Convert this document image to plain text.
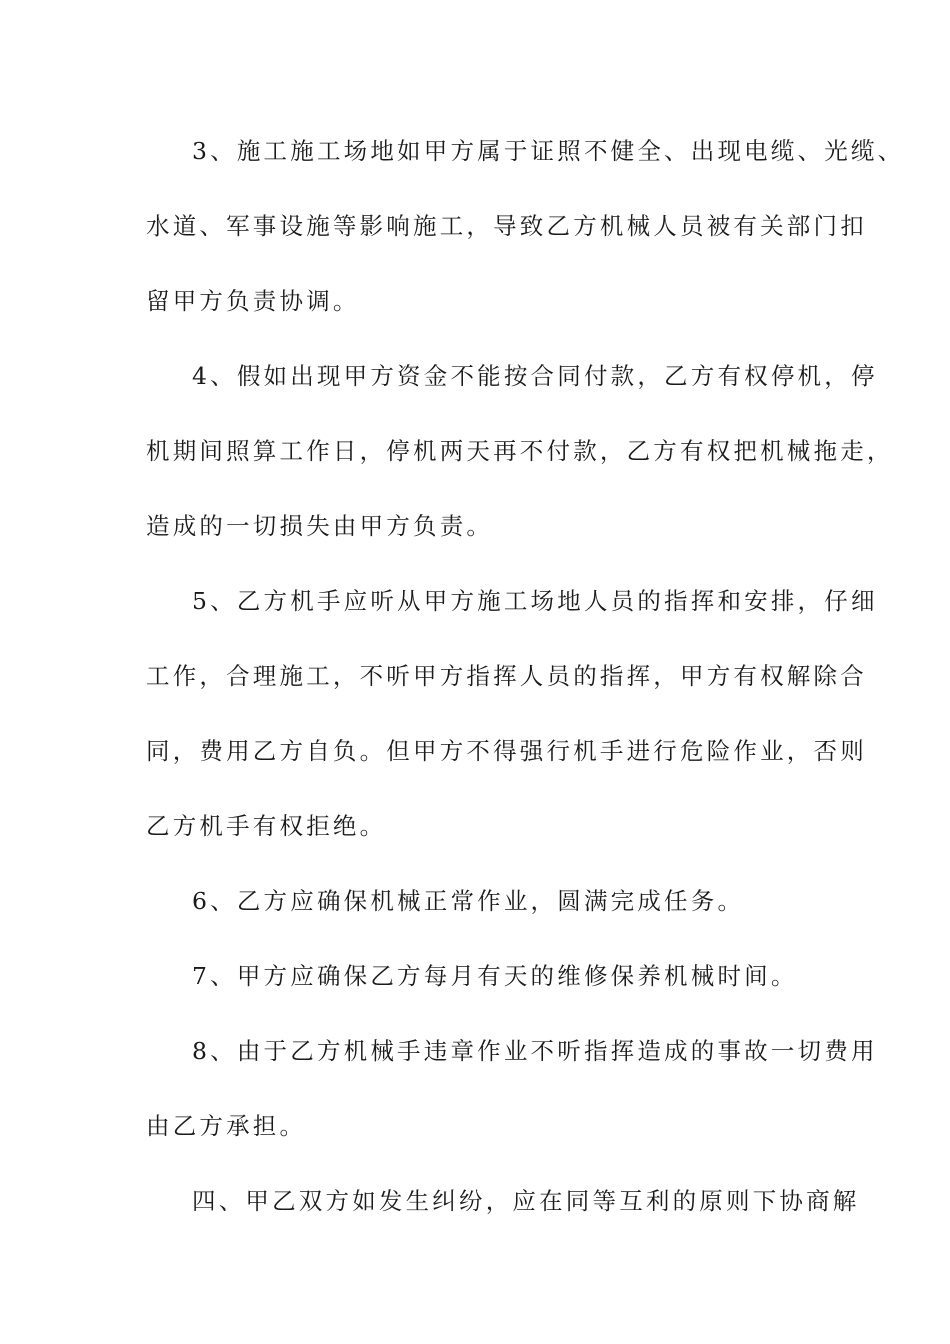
3、施工施工场地如甲方属于证照不健全、出现电缆、光缆、
水道、军事设施等影响施工，导致乙方机械人员被有关部门扣
留甲方负责协调。
4、假如出现甲方资金不能按合同付款，乙方有权停机，停
机期间照算工作日，停机两天再不付款，乙方有权把机械拖走，
造成的一切损失由甲方负责。
5、乙方机手应听从甲方施工场地人员的指挥和安排，仔细
工作，合理施工，不听甲方指挥人员的指挥，甲方有权解除合
同，费用乙方自负。但甲方不得强行机手进行危险作业，否则
乙方机手有权拒绝。
6、乙方应确保机械正常作业，圆满完成任务。
7、甲方应确保乙方每月有天的维修保养机械时间。
8、由于乙方机械手违章作业不听指挥造成的事故一切费用
由乙方承担。
四、甲乙双方如发生纠纷，应在同等互利的原则下协商解
